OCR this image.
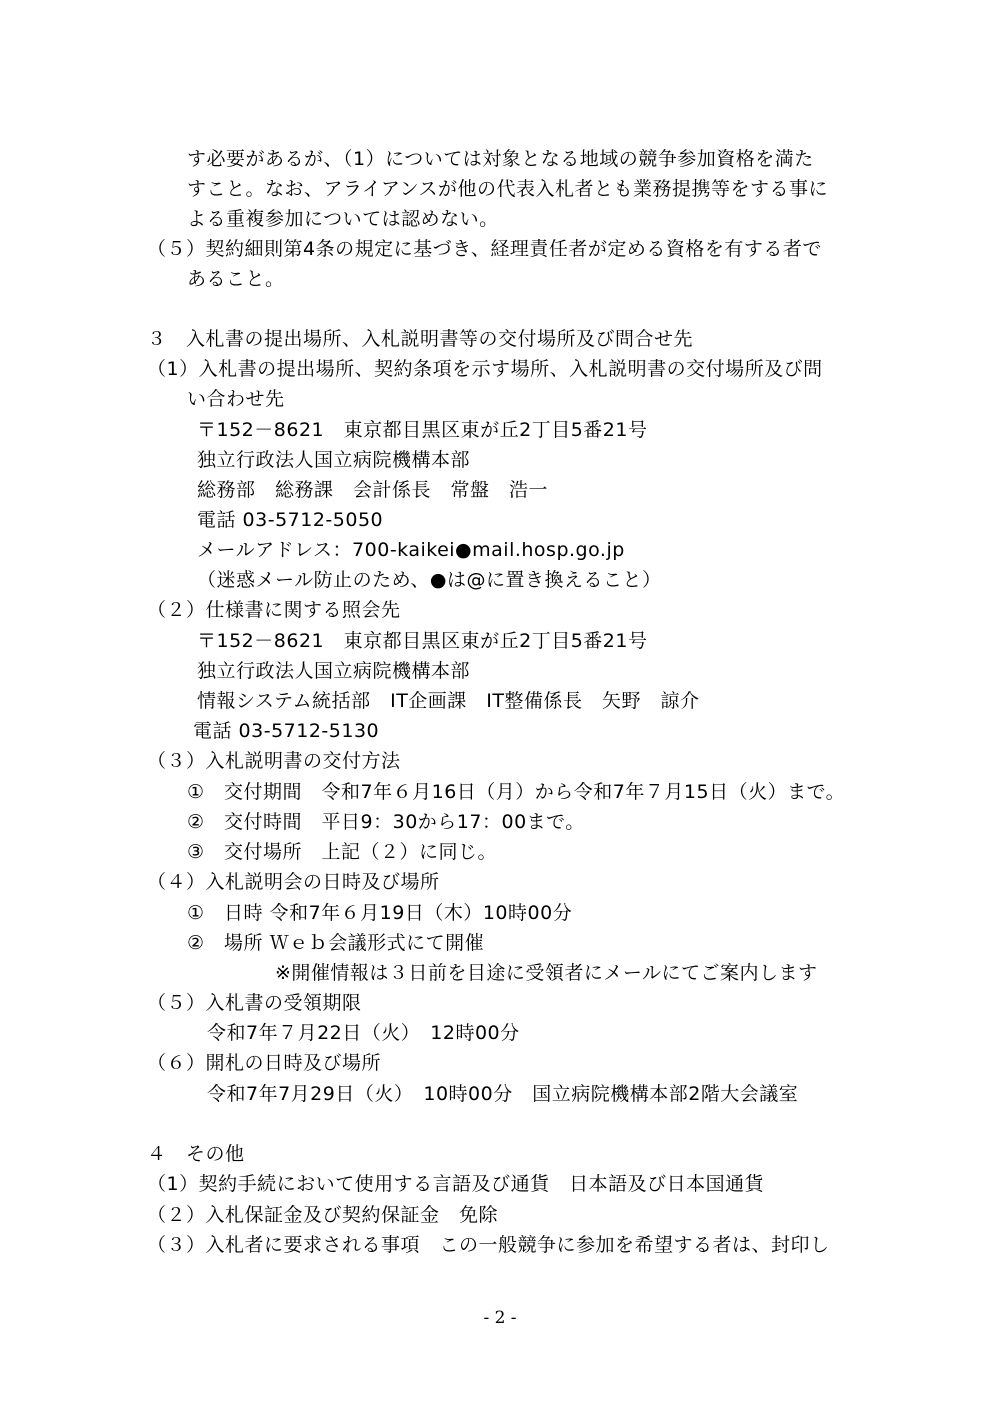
す必要があるが、（1）については対象となる地域の競争参加資格を満た
すこと。なお、アライアンスが他の代表入札者とも業務提携等をする事に
よる重複参加については認めない。
（５）契約細則第4条の規定に基づき、経理責任者が定める資格を有する者で
あること。
３　入札書の提出場所、入札説明書等の交付場所及び問合せ先
（1）入札書の提出場所、契約条項を示す場所、入札説明書の交付場所及び問
い合わせ先
〒152－8621　東京都目黒区東が丘2丁目5番21号
独立行政法人国立病院機構本部
総務部　総務課　会計係長　常盤　浩一
電話 03-5712-5050
メールアドレス：700-kaikei●mail.hosp.go.jp
（迷惑メール防止のため、●は@に置き換えること）
（２）仕様書に関する照会先
〒152－8621　東京都目黒区東が丘2丁目5番21号
独立行政法人国立病院機構本部
情報システム統括部　IT企画課　IT整備係長　矢野　諒介
電話 03-5712-5130
（３）入札説明書の交付方法
①　交付期間　令和7年６月16日（月）から令和7年７月15日（火）まで。
②　交付時間　平日9：30から17：00まで。
③　交付場所　上記（２）に同じ。
（４）入札説明会の日時及び場所
①　日時 令和7年６月19日（木）10時00分
②　場所 Ｗｅｂ会議形式にて開催
※開催情報は３日前を目途に受領者にメールにてご案内します
（５）入札書の受領期限
令和7年７月22日（火）　12時00分
（６）開札の日時及び場所
令和7年7月29日（火）　10時00分　国立病院機構本部2階大会議室
４　その他
（1）契約手続において使用する言語及び通貨　日本語及び日本国通貨
（２）入札保証金及び契約保証金　免除
（３）入札者に要求される事項　この一般競争に参加を希望する者は、封印し
- 2 -
